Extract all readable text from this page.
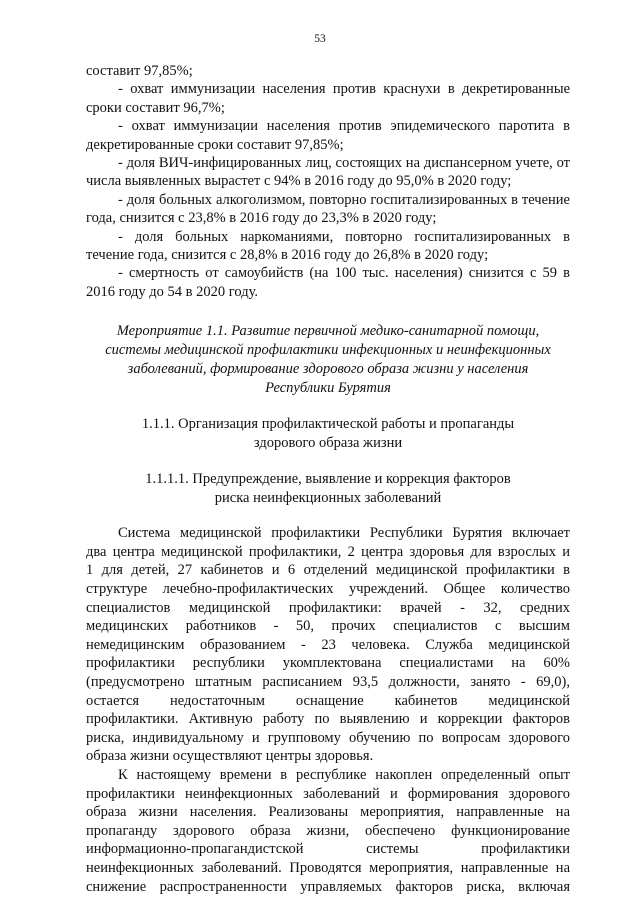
53

составит 97,85%;

- охват иммунизации населения против краснухи в декретированные сроки составит 96,7%;

- охват иммунизации населения против эпидемического паротита в декретированные сроки составит 97,85%;

- доля ВИЧ-инфицированных лиц, состоящих на диспансерном учете, от числа выявленных вырастет с 94% в 2016 году до 95,0% в 2020 году;

- доля больных алкоголизмом, повторно госпитализированных в течение года, снизится с 23,8% в 2016 году до 23,3% в 2020 году;

- доля больных наркоманиями, повторно госпитализированных в течение года, снизится с 28,8% в 2016 году до 26,8% в 2020 году;

- смертность от самоубийств (на 100 тыс. населения) снизится с 59 в 2016 году до 54 в 2020 году.

Мероприятие 1.1. Развитие первичной медико-санитарной помощи,
системы медицинской профилактики инфекционных и неинфекционных
заболеваний, формирование здорового образа жизни у населения
Республики Бурятия
1.1.1. Организация профилактической работы и пропаганды
здорового образа жизни
1.1.1.1. Предупреждение, выявление и коррекция факторов
риска неинфекционных заболеваний
Система медицинской профилактики Республики Бурятия включает
два центра медицинской профилактики, 2 центра здоровья для взрослых и
1 для детей, 27 кабинетов и 6 отделений медицинской профилактики в
структуре лечебно-профилактических учреждений. Общее количество
специалистов медицинской профилактики: врачей - 32, средних
медицинских работников - 50, прочих специалистов с высшим
немедицинским образованием - 23 человека. Служба медицинской
профилактики республики укомплектована специалистами на 60%
(предусмотрено штатным расписанием 93,5 должности, занято - 69,0),
остается недостаточным оснащение кабинетов медицинской
профилактики. Активную работу по выявлению и коррекции факторов
риска, индивидуальному и групповому обучению по вопросам здорового
образа жизни осуществляют центры здоровья.
К настоящему времени в республике накоплен определенный опыт
профилактики неинфекционных заболеваний и формирования здорового
образа жизни населения. Реализованы мероприятия, направленные на
пропаганду здорового образа жизни, обеспечено функционирование
информационно-пропагандистской системы профилактики
неинфекционных заболеваний. Проводятся мероприятия, направленные на
снижение распространенности управляемых факторов риска, включая
